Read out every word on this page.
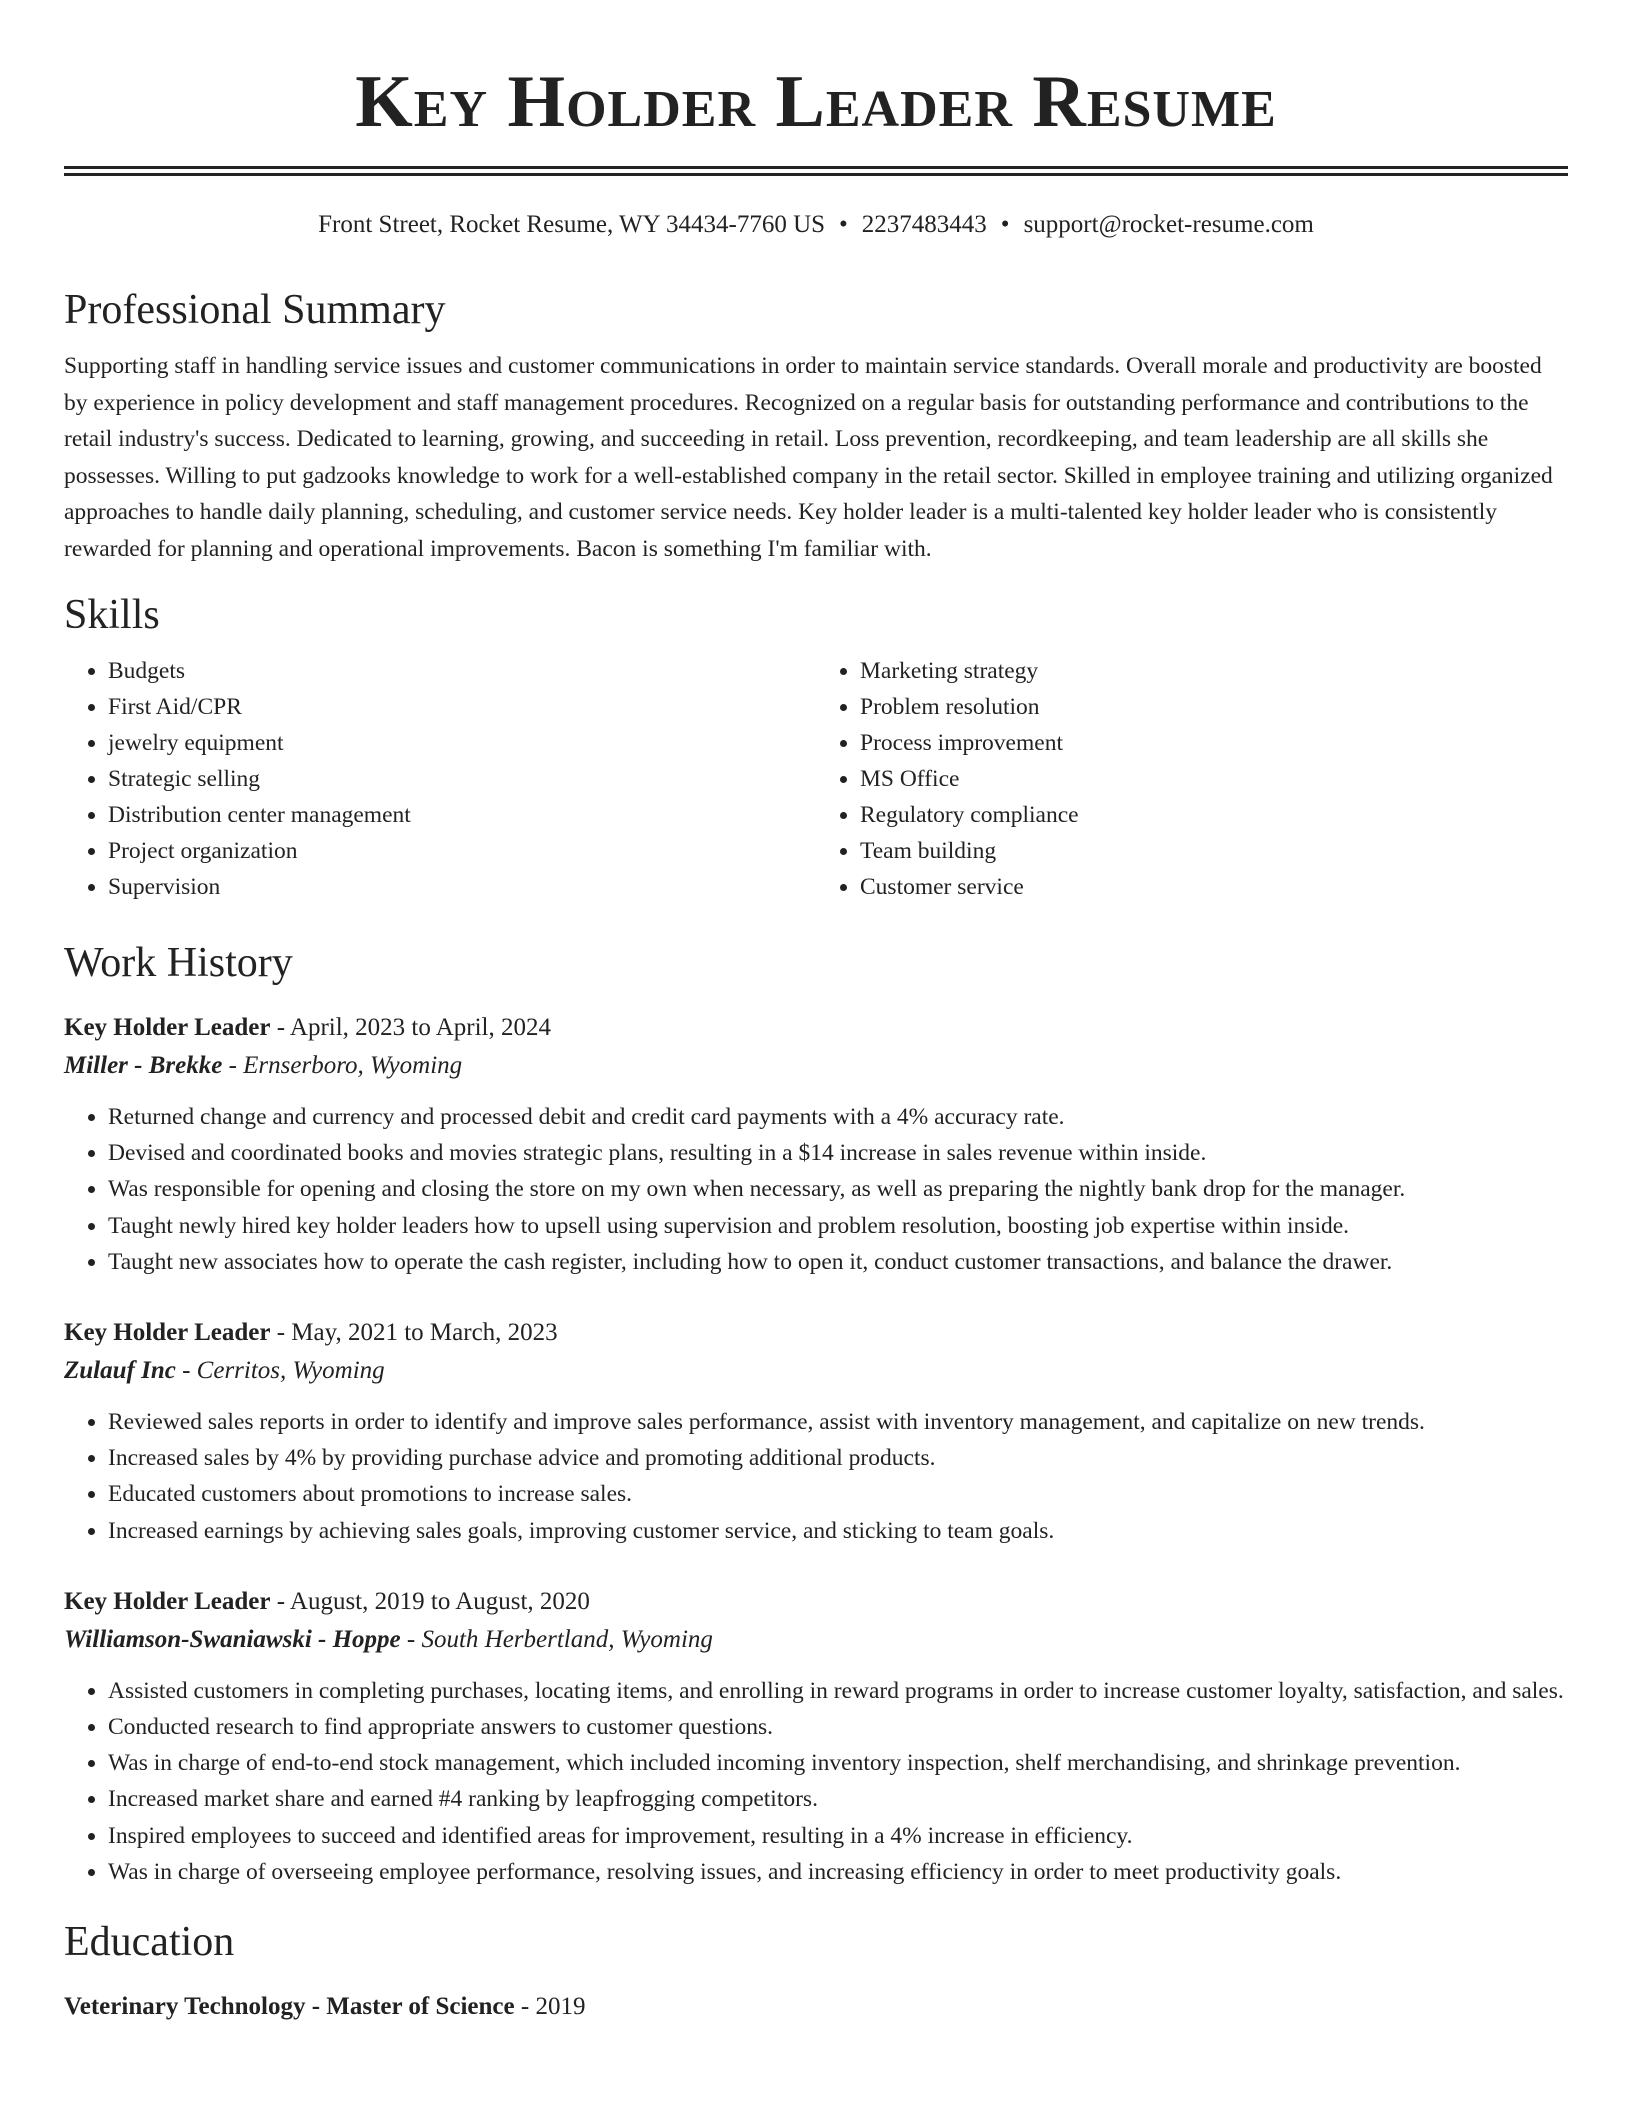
Key Holder Leader Resume
Front Street, Rocket Resume, WY 34434-7760 US • 2237483443 • support@rocket-resume.com
Professional Summary

Supporting staff in handling service issues and customer communications in order to maintain service standards. Overall morale and productivity are boosted by experience in policy development and staff management procedures. Recognized on a regular basis for outstanding performance and contributions to the retail industry's success. Dedicated to learning, growing, and succeeding in retail. Loss prevention, recordkeeping, and team leadership are all skills she possesses. Willing to put gadzooks knowledge to work for a well-established company in the retail sector. Skilled in employee training and utilizing organized approaches to handle daily planning, scheduling, and customer service needs. Key holder leader is a multi-talented key holder leader who is consistently rewarded for planning and operational improvements. Bacon is something I'm familiar with.

Skills
• Budgets
• First Aid/CPR
• jewelry equipment
• Strategic selling
• Distribution center management
• Project organization
• Supervision
• Marketing strategy
• Problem resolution
• Process improvement
• MS Office
• Regulatory compliance
• Team building
• Customer service
Work History
Key Holder Leader - April, 2023 to April, 2024
Miller - Brekke - Ernserboro, Wyoming
• Returned change and currency and processed debit and credit card payments with a 4% accuracy rate.
• Devised and coordinated books and movies strategic plans, resulting in a $14 increase in sales revenue within inside.
• Was responsible for opening and closing the store on my own when necessary, as well as preparing the nightly bank drop for the manager.
• Taught newly hired key holder leaders how to upsell using supervision and problem resolution, boosting job expertise within inside.
• Taught new associates how to operate the cash register, including how to open it, conduct customer transactions, and balance the drawer.
Key Holder Leader - May, 2021 to March, 2023
Zulauf Inc - Cerritos, Wyoming
• Reviewed sales reports in order to identify and improve sales performance, assist with inventory management, and capitalize on new trends.
• Increased sales by 4% by providing purchase advice and promoting additional products.
• Educated customers about promotions to increase sales.
• Increased earnings by achieving sales goals, improving customer service, and sticking to team goals.
Key Holder Leader - August, 2019 to August, 2020
Williamson-Swaniawski - Hoppe - South Herbertland, Wyoming
• Assisted customers in completing purchases, locating items, and enrolling in reward programs in order to increase customer loyalty, satisfaction, and sales.
• Conducted research to find appropriate answers to customer questions.
• Was in charge of end-to-end stock management, which included incoming inventory inspection, shelf merchandising, and shrinkage prevention.
• Increased market share and earned #4 ranking by leapfrogging competitors.
• Inspired employees to succeed and identified areas for improvement, resulting in a 4% increase in efficiency.
• Was in charge of overseeing employee performance, resolving issues, and increasing efficiency in order to meet productivity goals.
Education
Veterinary Technology - Master of Science - 2019
